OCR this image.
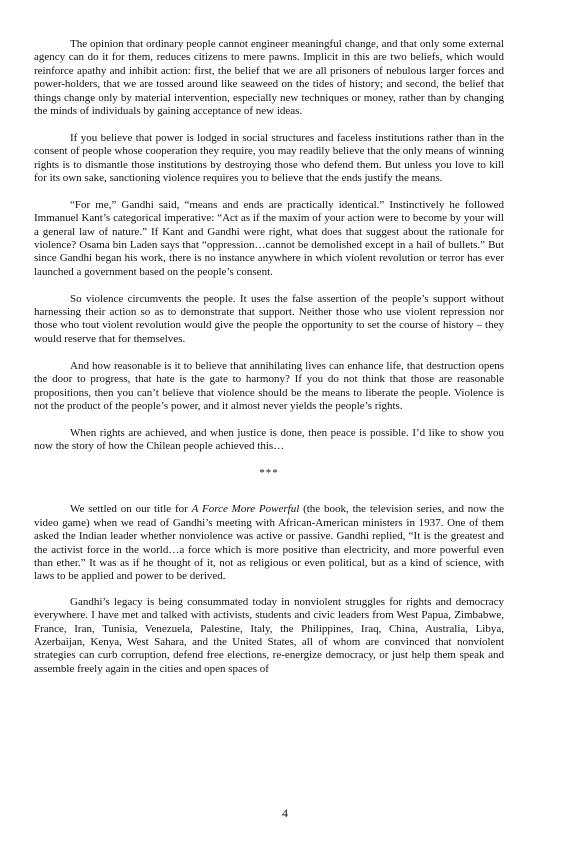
The opinion that ordinary people cannot engineer meaningful change, and that only some external agency can do it for them, reduces citizens to mere pawns. Implicit in this are two beliefs, which would reinforce apathy and inhibit action: first, the belief that we are all prisoners of nebulous larger forces and power-holders, that we are tossed around like seaweed on the tides of history; and second, the belief that things change only by material intervention, especially new techniques or money, rather than by changing the minds of individuals by gaining acceptance of new ideas.

If you believe that power is lodged in social structures and faceless institutions rather than in the consent of people whose cooperation they require, you may readily believe that the only means of winning rights is to dismantle those institutions by destroying those who defend them. But unless you love to kill for its own sake, sanctioning violence requires you to believe that the ends justify the means.

“For me,” Gandhi said, “means and ends are practically identical.” Instinctively he followed Immanuel Kant’s categorical imperative: “Act as if the maxim of your action were to become by your will a general law of nature.” If Kant and Gandhi were right, what does that suggest about the rationale for violence? Osama bin Laden says that “oppression…cannot be demolished except in a hail of bullets.” But since Gandhi began his work, there is no instance anywhere in which violent revolution or terror has ever launched a government based on the people’s consent.

So violence circumvents the people. It uses the false assertion of the people’s support without harnessing their action so as to demonstrate that support. Neither those who use violent repression nor those who tout violent revolution would give the people the opportunity to set the course of history – they would reserve that for themselves.

And how reasonable is it to believe that annihilating lives can enhance life, that destruction opens the door to progress, that hate is the gate to harmony? If you do not think that those are reasonable propositions, then you can’t believe that violence should be the means to liberate the people. Violence is not the product of the people’s power, and it almost never yields the people’s rights.

When rights are achieved, and when justice is done, then peace is possible. I’d like to show you now the story of how the Chilean people achieved this…

***

We settled on our title for A Force More Powerful (the book, the television series, and now the video game) when we read of Gandhi’s meeting with African-American ministers in 1937. One of them asked the Indian leader whether nonviolence was active or passive. Gandhi replied, “It is the greatest and the activist force in the world…a force which is more positive than electricity, and more powerful even than ether.” It was as if he thought of it, not as religious or even political, but as a kind of science, with laws to be applied and power to be derived.

Gandhi’s legacy is being consummated today in nonviolent struggles for rights and democracy everywhere. I have met and talked with activists, students and civic leaders from West Papua, Zimbabwe, France, Iran, Tunisia, Venezuela, Palestine, Italy, the Philippines, Iraq, China, Australia, Libya, Azerbaijan, Kenya, West Sahara, and the United States, all of whom are convinced that nonviolent strategies can curb corruption, defend free elections, re-energize democracy, or just help them speak and assemble freely again in the cities and open spaces of

4
